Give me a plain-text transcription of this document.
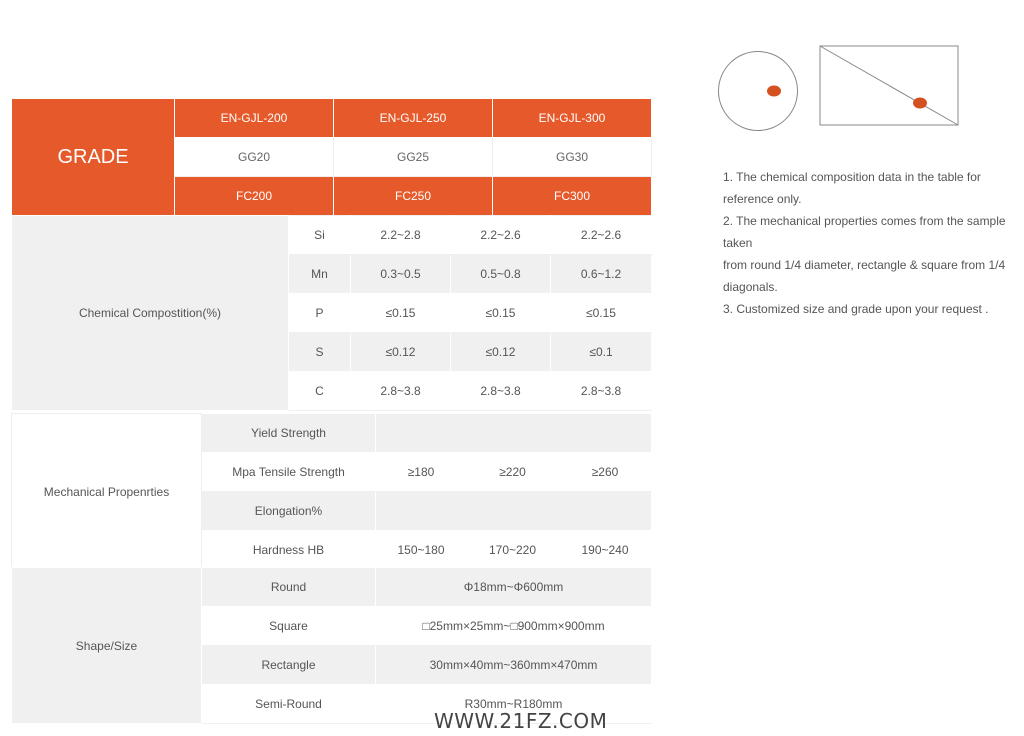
GRADE	EN-GJL-200	EN-GJL-250	EN-GJL-300
	GG20	GG25	GG30
	FC200	FC250	FC300
Chemical Compostition(%)	Si	2.2~2.8	2.2~2.6	2.2~2.6
	Mn	0.3~0.5	0.5~0.8	0.6~1.2
	P	≤0.15	≤0.15	≤0.15
	S	≤0.12	≤0.12	≤0.1
	C	2.8~3.8	2.8~3.8	2.8~3.8
Mechanical Propenrties	Yield Strength			
	Mpa Tensile Strength	≥180	≥220	≥260
	Elongation%			
	Hardness HB	150~180	170~220	190~240
Shape/Size	Round	Φ18mm~Φ600mm
	Square	□25mm×25mm~□900mm×900mm
	Rectangle	30mm×40mm~360mm×470mm
	Semi-Round	R30mm~R180mm
1. The chemical composition data in the table for reference only.
2. The mechanical properties comes from the sample taken
from round 1/4 diameter, rectangle & square from 1/4 diagonals.
3. Customized size and grade upon your request .
WWW.21FZ.COM
